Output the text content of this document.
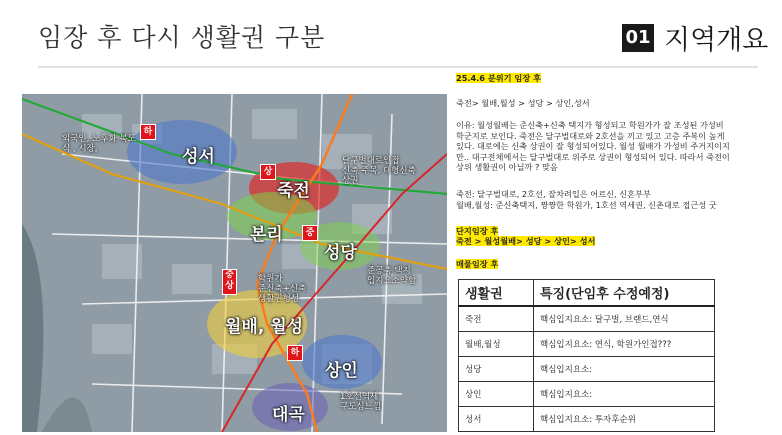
임장 후 다시 생활권 구분	01 지역개요
하
상
중
중
상
하
성서
죽전
본리
성당
월배, 월성
상인
대곡
외국인, 노후화 복도
식 , 시장,
달구벌대로인접
신축 주목, 대형신축
상권
준공축 택지
입지요소약함
학원가
준신축+신축
생활권형성
1호선역세
구도심느낌
25.4.6 분위기 임장 후
죽전> 월배,월성 > 성당 > 상인,성서
이유: 월성월배는 준신축+신축 택지가 형성되고 학원가가 잘 조성된 가성비
학군지로 보인다. 죽전은 달구벌대로와 2호선을 끼고 있고 고층 주복이 높게
있다. 대로에는 신축 상권이 잘 형성되어있다. 월성 월배가 가성비 주거지이지
만.. 대구전체에서는 달구벌대로 위주로 상권이 형성되어 있다. 따라서 죽전이
상위 생활권이 아닐까 ? 맞음
죽전: 달구벌대로, 2호선, 잘차려입은 어르신, 신혼부부
월배,월성: 준신축택지, 짱짱한 학원가, 1호선 역세권, 신촌대로 접근성 굿
단지임장 후
죽전 > 월성월배> 성당 > 상인> 성서
매물임장 후
생활권	특징(단임후 수정예정)
죽전	핵심입지요소: 달구벌, 브랜드,연식
월배,월성	핵심입지요소: 연식, 학원가인접???
성당	핵심입지요소:
상인	핵심입지요소:
성서	핵심입지요소: 투자후순위
